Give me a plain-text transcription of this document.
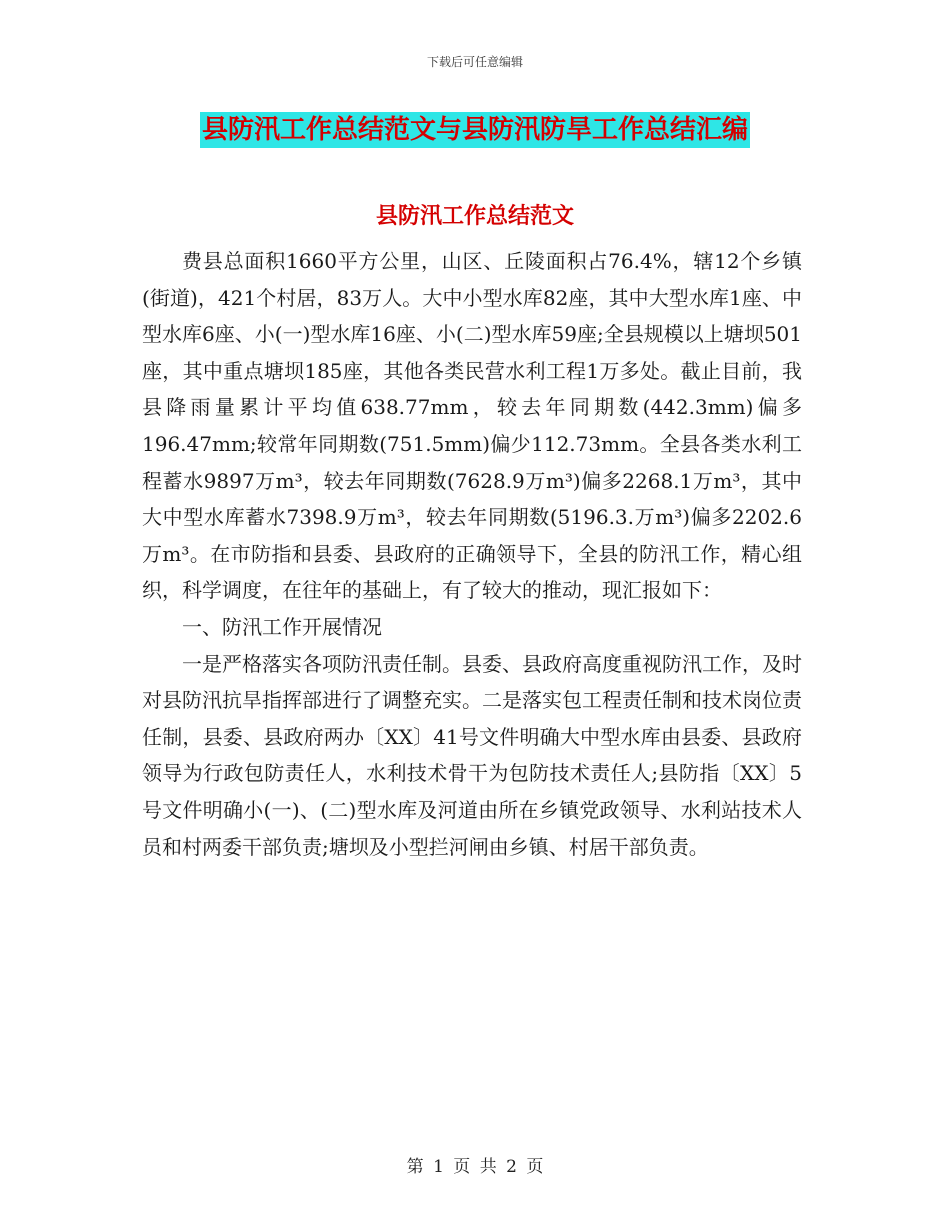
下载后可任意编辑
县防汛工作总结范文与县防汛防旱工作总结汇编
县防汛工作总结范文

费县总面积1660平方公里，山区、丘陵面积占76.4%，辖12个乡镇(街道)，421个村居，83万人。大中小型水库82座，其中大型水库1座、中型水库6座、小(一)型水库16座、小(二)型水库59座;全县规模以上塘坝501座，其中重点塘坝185座，其他各类民营水利工程1万多处。截止目前，我县降雨量累计平均值638.77mm，较去年同期数(442.3mm)偏多196.47mm;较常年同期数(751.5mm)偏少112.73mm。全县各类水利工程蓄水9897万m³，较去年同期数(7628.9万m³)偏多2268.1万m³，其中大中型水库蓄水7398.9万m³，较去年同期数(5196.3.万m³)偏多2202.6万m³。在市防指和县委、县政府的正确领导下，全县的防汛工作，精心组织，科学调度，在往年的基础上，有了较大的推动，现汇报如下：

一、防汛工作开展情况

一是严格落实各项防汛责任制。县委、县政府高度重视防汛工作，及时对县防汛抗旱指挥部进行了调整充实。二是落实包工程责任制和技术岗位责任制，县委、县政府两办〔XX〕41号文件明确大中型水库由县委、县政府领导为行政包防责任人，水利技术骨干为包防技术责任人;县防指〔XX〕5号文件明确小(一)、(二)型水库及河道由所在乡镇党政领导、水利站技术人员和村两委干部负责;塘坝及小型拦河闸由乡镇、村居干部负责。

第 1 页 共 2 页
